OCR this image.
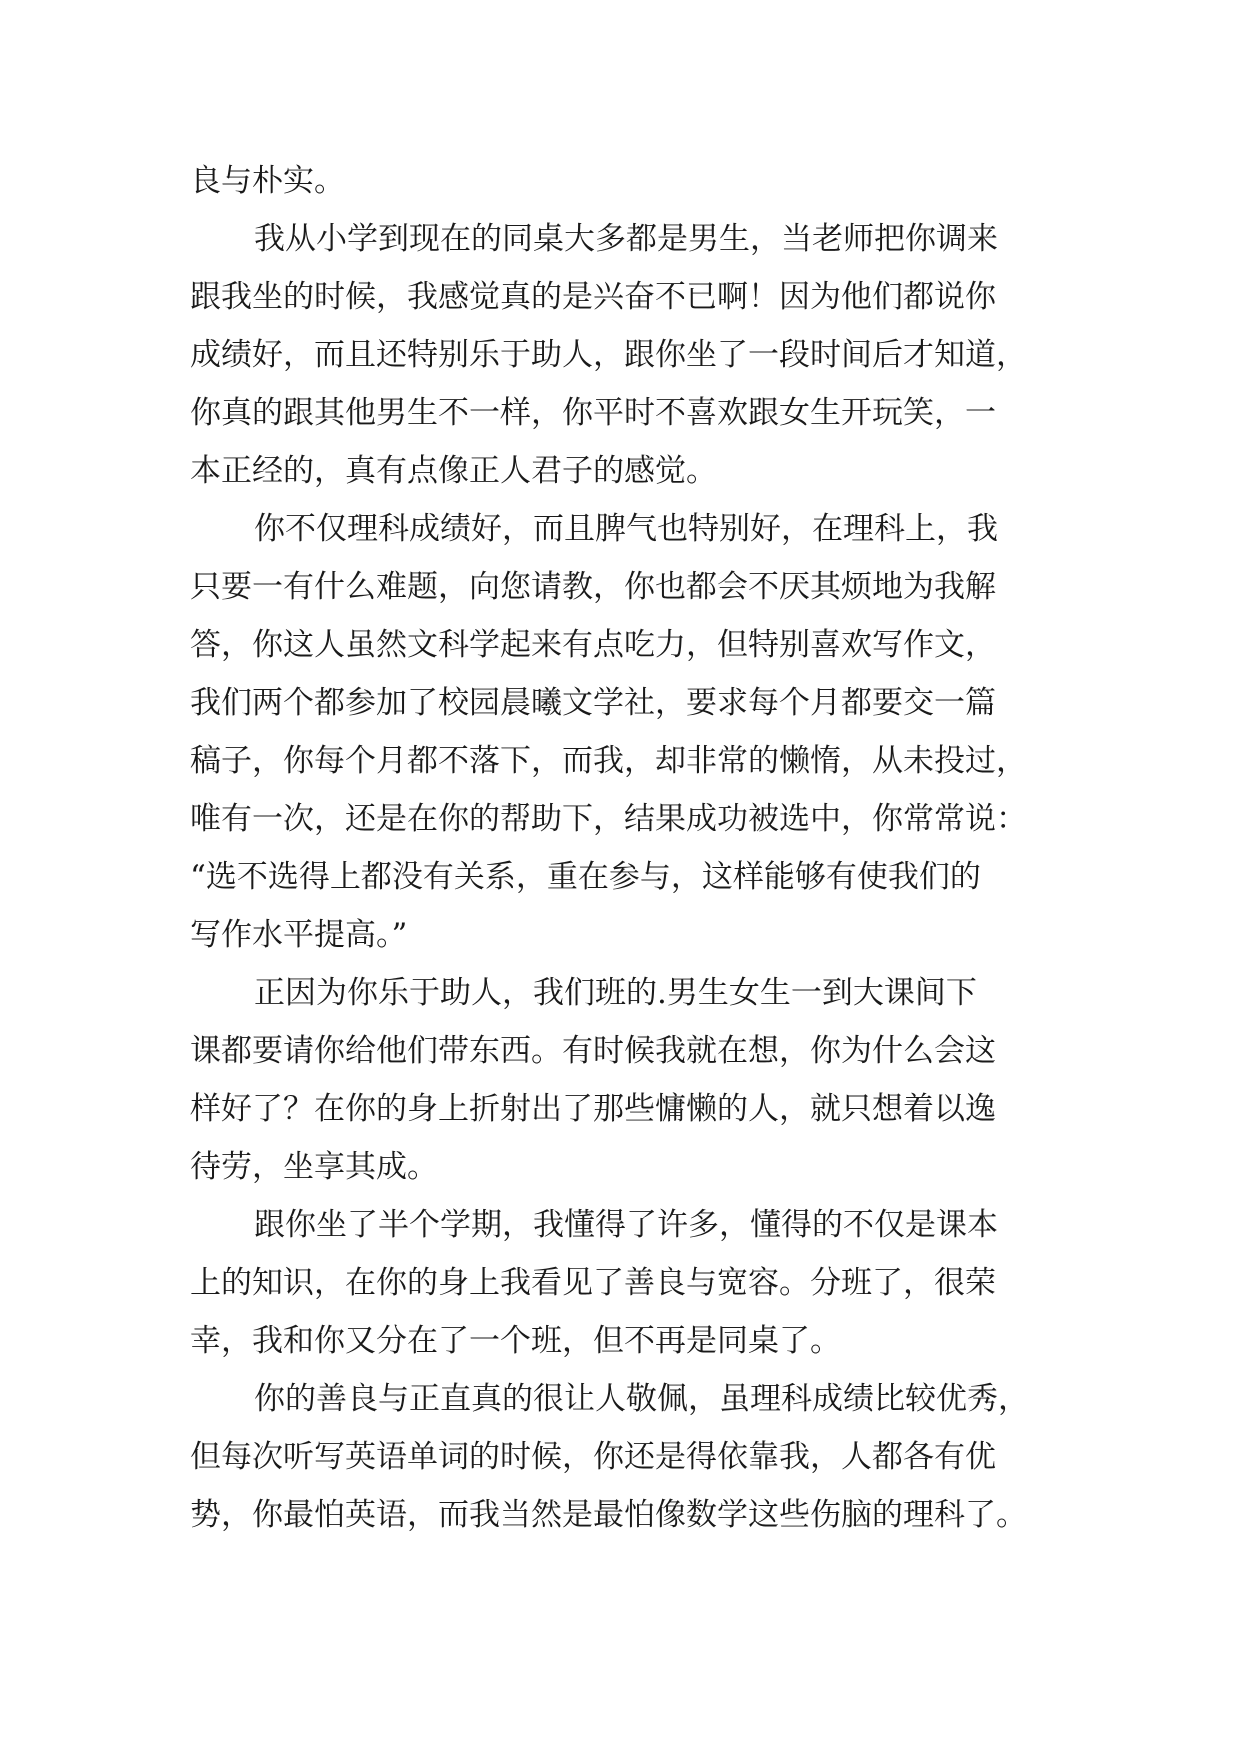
良与朴实。
我从小学到现在的同桌大多都是男生，当老师把你调来
跟我坐的时候，我感觉真的是兴奋不已啊！因为他们都说你
成绩好，而且还特别乐于助人，跟你坐了一段时间后才知道，
你真的跟其他男生不一样，你平时不喜欢跟女生开玩笑，一
本正经的，真有点像正人君子的感觉。
你不仅理科成绩好，而且脾气也特别好，在理科上，我
只要一有什么难题，向您请教，你也都会不厌其烦地为我解
答，你这人虽然文科学起来有点吃力，但特别喜欢写作文，
我们两个都参加了校园晨曦文学社，要求每个月都要交一篇
稿子，你每个月都不落下，而我，却非常的懒惰，从未投过，
唯有一次，还是在你的帮助下，结果成功被选中，你常常说：
“选不选得上都没有关系，重在参与，这样能够有使我们的
写作水平提高。”
正因为你乐于助人，我们班的.男生女生一到大课间下
课都要请你给他们带东西。有时候我就在想，你为什么会这
样好了？在你的身上折射出了那些慵懒的人，就只想着以逸
待劳，坐享其成。
跟你坐了半个学期，我懂得了许多，懂得的不仅是课本
上的知识，在你的身上我看见了善良与宽容。分班了，很荣
幸，我和你又分在了一个班，但不再是同桌了。
你的善良与正直真的很让人敬佩，虽理科成绩比较优秀，
但每次听写英语单词的时候，你还是得依靠我，人都各有优
势，你最怕英语，而我当然是最怕像数学这些伤脑的理科了。
